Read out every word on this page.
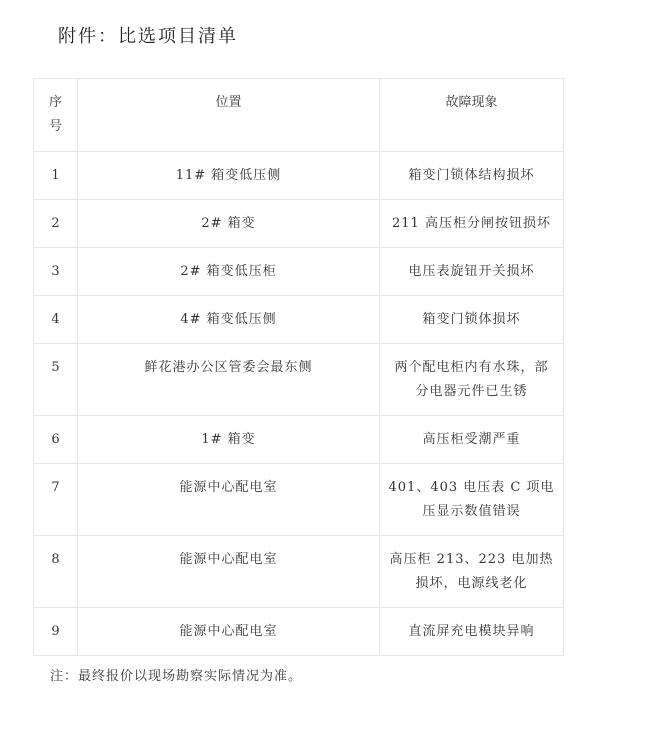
附件：比选项目清单
序号	位置	故障现象
1	11# 箱变低压侧	箱变门锁体结构损坏
2	2# 箱变	211 高压柜分闸按钮损坏
3	2# 箱变低压柜	电压表旋钮开关损坏
4	4# 箱变低压侧	箱变门锁体损坏
5	鲜花港办公区管委会最东侧	两个配电柜内有水珠，部分电器元件已生锈
6	1# 箱变	高压柜受潮严重
7	能源中心配电室	401、403 电压表 C 项电压显示数值错误
8	能源中心配电室	高压柜 213、223 电加热损坏，电源线老化
9	能源中心配电室	直流屏充电模块异响
注：最终报价以现场勘察实际情况为准。
